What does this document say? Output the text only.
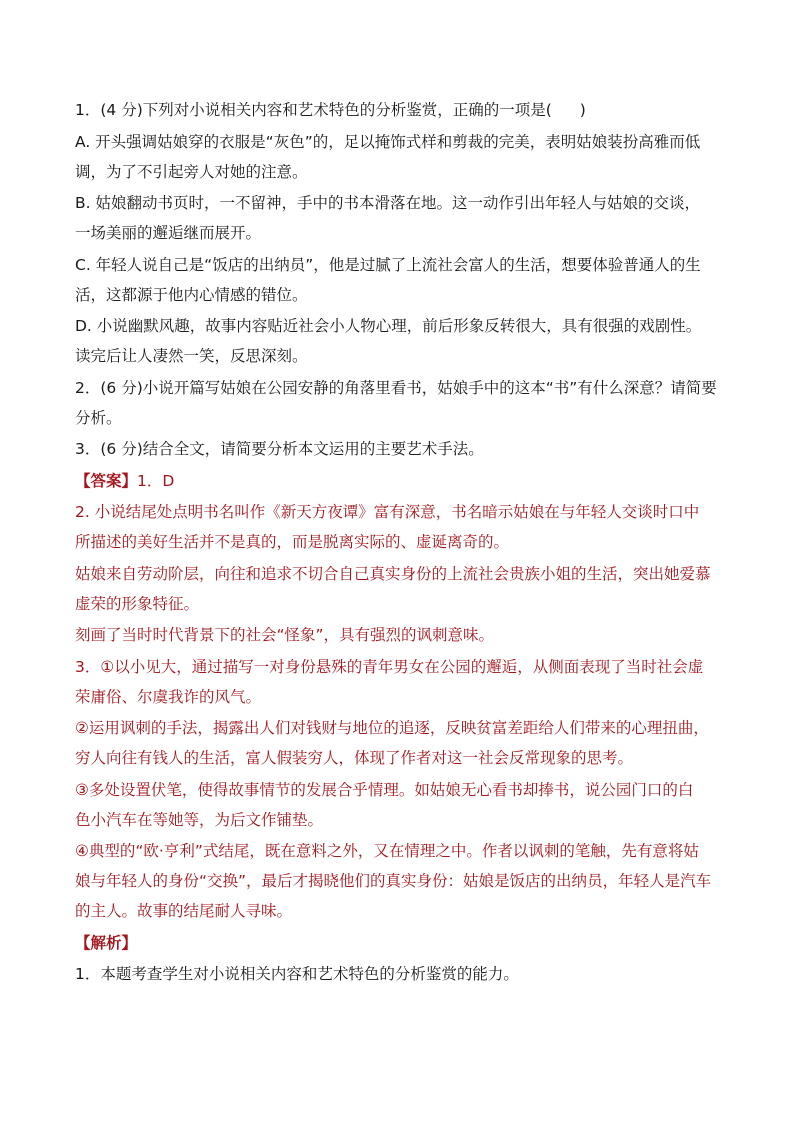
1．(4 分)下列对小说相关内容和艺术特色的分析鉴赏，正确的一项是( )
A. 开头强调姑娘穿的衣服是“灰色”的，足以掩饰式样和剪裁的完美，表明姑娘装扮高雅而低
调，为了不引起旁人对她的注意。
B. 姑娘翻动书页时，一不留神，手中的书本滑落在地。这一动作引出年轻人与姑娘的交谈，
一场美丽的邂逅继而展开。
C. 年轻人说自己是“饭店的出纳员”，他是过腻了上流社会富人的生活，想要体验普通人的生
活，这都源于他内心情感的错位。
D. 小说幽默风趣，故事内容贴近社会小人物心理，前后形象反转很大，具有很强的戏剧性。
读完后让人凄然一笑，反思深刻。
2．(6 分)小说开篇写姑娘在公园安静的角落里看书，姑娘手中的这本“书”有什么深意？请简要
分析。
3．(6 分)结合全文，请简要分析本文运用的主要艺术手法。
【答案】1．D
2. 小说结尾处点明书名叫作《新天方夜谭》富有深意，书名暗示姑娘在与年轻人交谈时口中
所描述的美好生活并不是真的，而是脱离实际的、虚诞离奇的。
姑娘来自劳动阶层，向往和追求不切合自己真实身份的上流社会贵族小姐的生活，突出她爱慕
虚荣的形象特征。
刻画了当时时代背景下的社会“怪象”，具有强烈的讽刺意味。
3．①以小见大，通过描写一对身份悬殊的青年男女在公园的邂逅，从侧面表现了当时社会虚
荣庸俗、尔虞我诈的风气。
②运用讽刺的手法，揭露出人们对钱财与地位的追逐，反映贫富差距给人们带来的心理扭曲，
穷人向往有钱人的生活，富人假装穷人，体现了作者对这一社会反常现象的思考。
③多处设置伏笔，使得故事情节的发展合乎情理。如姑娘无心看书却捧书，说公园门口的白
色小汽车在等她等，为后文作铺垫。
④典型的“欧·亨利”式结尾，既在意料之外，又在情理之中。作者以讽刺的笔触，先有意将姑
娘与年轻人的身份“交换”，最后才揭晓他们的真实身份：姑娘是饭店的出纳员，年轻人是汽车
的主人。故事的结尾耐人寻味。
【解析】
1．本题考查学生对小说相关内容和艺术特色的分析鉴赏的能力。
